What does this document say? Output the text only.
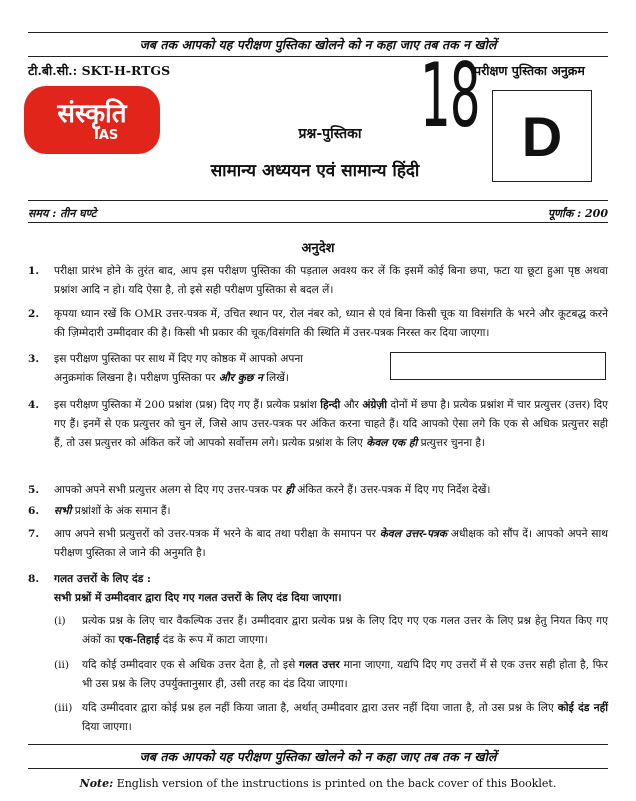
जब तक आपको यह परीक्षण पुस्तिका खोलने को न कहा जाए तब तक न खोलें
टी.बी.सी.: SKT-H-RTGS	18
परीक्षण पुस्तिका अनुक्रम
D
संस्कृति
IAS	प्रश्न-पुस्तिका
सामान्य अध्ययन एवं सामान्य हिंदी
समय : तीन घण्टे	पूर्णांक : 200
अनुदेश
1. परीक्षा प्रारंभ होने के तुरंत बाद, आप इस परीक्षण पुस्तिका की पड़ताल अवश्य कर लें कि इसमें कोई बिना छपा, फटा या छूटा हुआ पृष्ठ अथवा प्रश्नांश आदि न हो। यदि ऐसा है, तो इसे सही परीक्षण पुस्तिका से बदल लें।
2. कृपया ध्यान रखें कि OMR उत्तर-पत्रक में, उचित स्थान पर, रोल नंबर को, ध्यान से एवं बिना किसी चूक या विसंगति के भरने और कूटबद्ध करने की ज़िम्मेदारी उम्मीदवार की है। किसी भी प्रकार की चूक/विसंगति की स्थिति में उत्तर-पत्रक निरस्त कर दिया जाएगा।
3. इस परीक्षण पुस्तिका पर साथ में दिए गए कोष्ठक में आपको अपना
अनुक्रमांक लिखना है। परीक्षण पुस्तिका पर और कुछ न लिखें।
4. इस परीक्षण पुस्तिका में 200 प्रश्नांश (प्रश्न) दिए गए हैं। प्रत्येक प्रश्नांश हिन्दी और अंग्रेज़ी दोनों में छपा है। प्रत्येक प्रश्नांश में चार प्रत्युत्तर (उत्तर) दिए गए हैं। इनमें से एक प्रत्युत्तर को चुन लें, जिसे आप उत्तर-पत्रक पर अंकित करना चाहते हैं। यदि आपको ऐसा लगे कि एक से अधिक प्रत्युत्तर सही हैं, तो उस प्रत्युत्तर को अंकित करें जो आपको सर्वोत्तम लगे। प्रत्येक प्रश्नांश के लिए केवल एक ही प्रत्युत्तर चुनना है।
5. आपको अपने सभी प्रत्युत्तर अलग से दिए गए उत्तर-पत्रक पर ही अंकित करने हैं। उत्तर-पत्रक में दिए गए निर्देश देखें।
6. सभी प्रश्नांशों के अंक समान हैं।
7. आप अपने सभी प्रत्युत्तरों को उत्तर-पत्रक में भरने के बाद तथा परीक्षा के समापन पर केवल उत्तर-पत्रक अधीक्षक को सौंप दें। आपको अपने साथ परीक्षण पुस्तिका ले जाने की अनुमति है।
8. गलत उत्तरों के लिए दंड :
सभी प्रश्नों में उम्मीदवार द्वारा दिए गए गलत उत्तरों के लिए दंड दिया जाएगा।
(i) प्रत्येक प्रश्न के लिए चार वैकल्पिक उत्तर हैं। उम्मीदवार द्वारा प्रत्येक प्रश्न के लिए दिए गए एक गलत उत्तर के लिए प्रश्न हेतु नियत किए गए अंकों का एक-तिहाई दंड के रूप में काटा जाएगा।
(ii) यदि कोई उम्मीदवार एक से अधिक उत्तर देता है, तो इसे गलत उत्तर माना जाएगा, यद्यपि दिए गए उत्तरों में से एक उत्तर सही होता है, फिर भी उस प्रश्न के लिए उपर्युक्तानुसार ही, उसी तरह का दंड दिया जाएगा।
(iii) यदि उम्मीदवार द्वारा कोई प्रश्न हल नहीं किया जाता है, अर्थात् उम्मीदवार द्वारा उत्तर नहीं दिया जाता है, तो उस प्रश्न के लिए कोई दंड नहीं दिया जाएगा।
जब तक आपको यह परीक्षण पुस्तिका खोलने को न कहा जाए तब तक न खोलें
Note: English version of the instructions is printed on the back cover of this Booklet.
